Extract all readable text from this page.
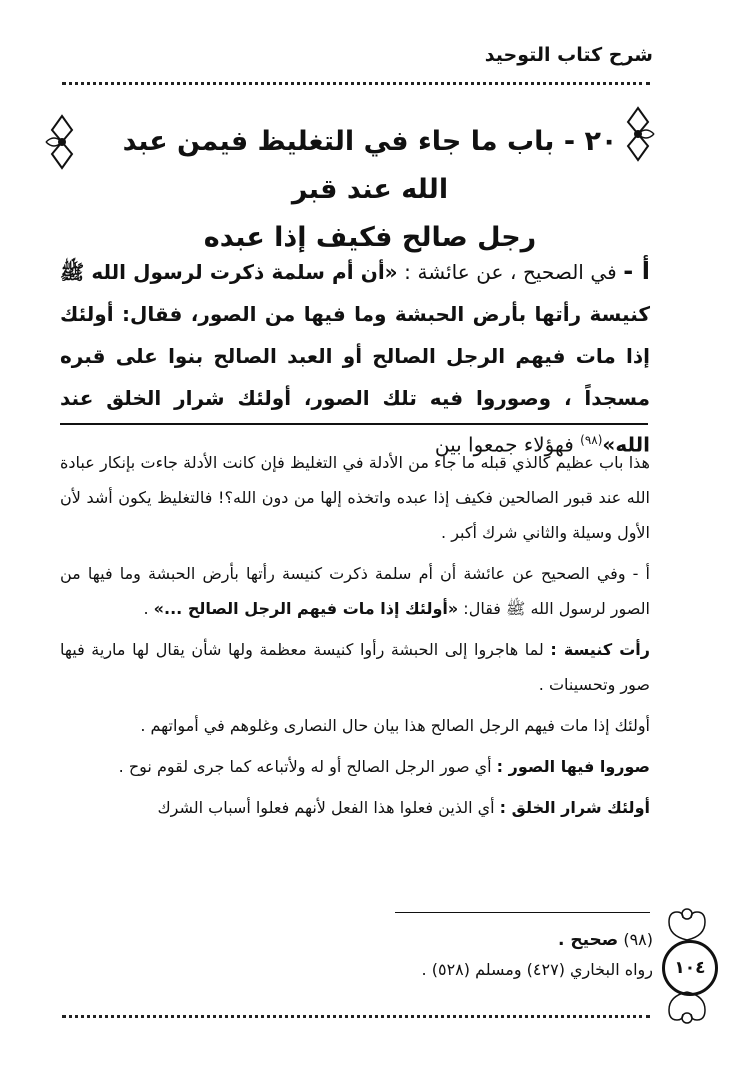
شرح كتاب التوحيد
٢٠ - باب ما جاء في التغليظ فيمن عبد الله عند قبر
رجل صالح فكيف إذا عبده
أ - في الصحيح ، عن عائشة : «أن أم سلمة ذكرت لرسول الله ﷺ كنيسة رأتها بأرض الحبشة وما فيها من الصور، فقال: أولئك إذا مات فيهم الرجل الصالح أو العبد الصالح بنوا على قبره مسجداً ، وصوروا فيه تلك الصور، أولئك شرار الخلق عند الله»$^{(٩٨)}$ فهؤلاء جمعوا بين

هذا باب عظيم كالذي قبله ما جاء من الأدلة في التغليظ فإن كانت الأدلة جاءت بإنكار عبادة الله عند قبور الصالحين فكيف إذا عبده واتخذه إلها من دون الله؟! فالتغليظ يكون أشد لأن الأول وسيلة والثاني شرك أكبر .

أ - وفي الصحيح عن عائشة أن أم سلمة ذكرت كنيسة رأتها بأرض الحبشة وما فيها من الصور لرسول الله ﷺ فقال: «أولئك إذا مات فيهم الرجل الصالح ...» .

رأت كنيسة : لما هاجروا إلى الحبشة رأوا كنيسة معظمة ولها شأن يقال لها مارية فيها صور وتحسينات .

أولئك إذا مات فيهم الرجل الصالح هذا بيان حال النصارى وغلوهم في أمواتهم .

صوروا فيها الصور : أي صور الرجل الصالح أو له ولأتباعه كما جرى لقوم نوح .

أولئك شرار الخلق : أي الذين فعلوا هذا الفعل لأنهم فعلوا أسباب الشرك

(٩٨) صحيح .
رواه البخاري (٤٢٧) ومسلم (٥٢٨) .	١٠٤
